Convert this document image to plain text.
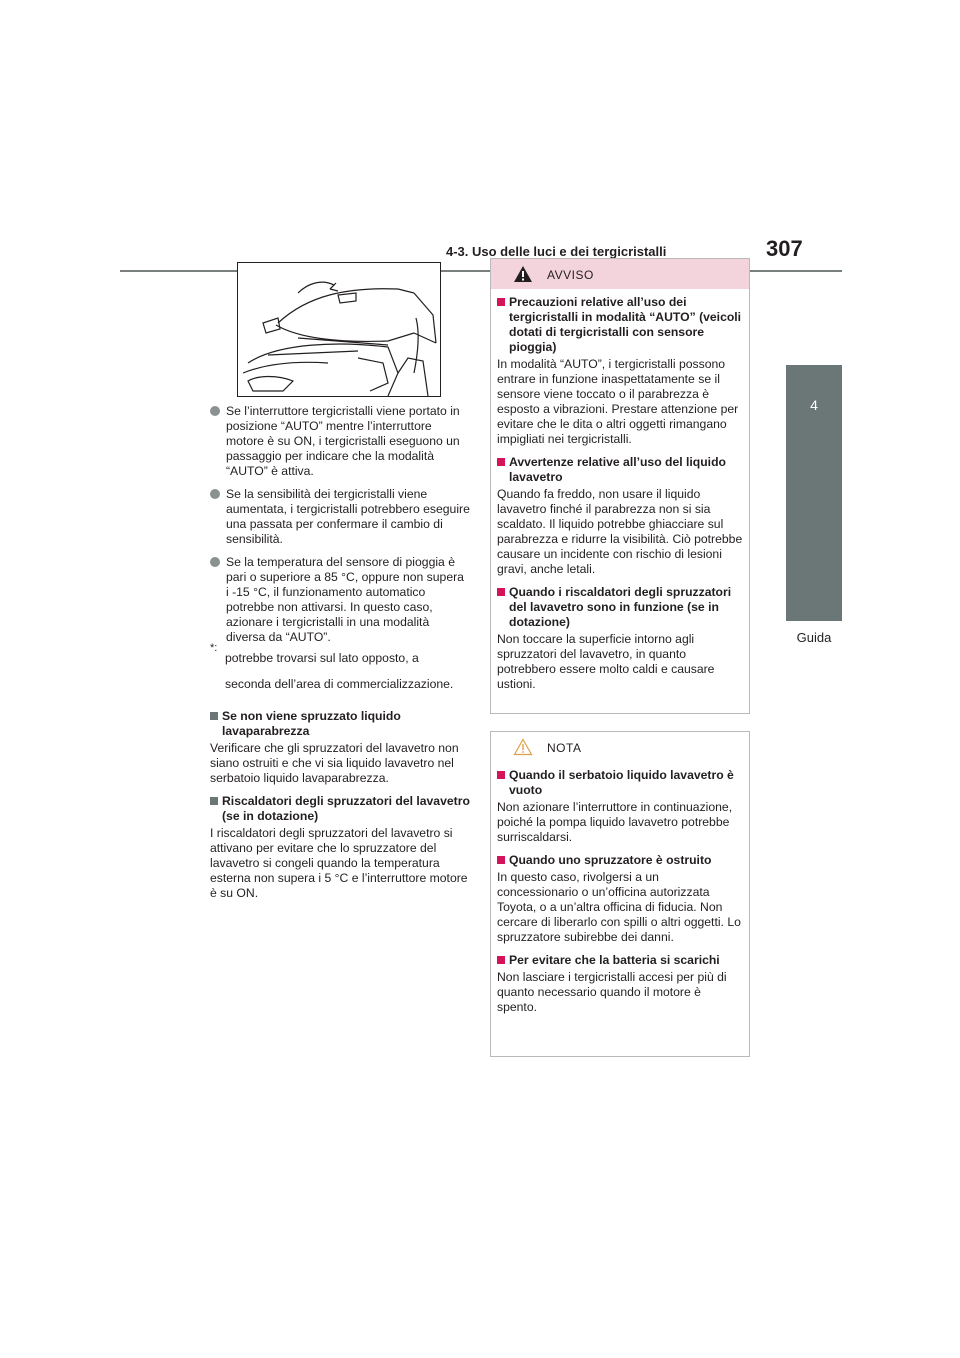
4-3. Uso delle luci e dei tergicristalli	307
4
Guida
Se l’interruttore tergicristalli viene portato in posizione “AUTO” mentre l’interruttore motore è su ON, i tergicristalli eseguono un passaggio per indicare che la modalità “AUTO” è attiva.
Se la sensibilità dei tergicristalli viene aumentata, i tergicristalli potrebbero eseguire una passata per confermare il cambio di sensibilità.
Se la temperatura del sensore di pioggia è pari o superiore a 85 °C, oppure non supera i -15 °C, il funzionamento automatico potrebbe non attivarsi. In questo caso, azionare i tergicristalli in una modalità diversa da “AUTO”.
*:

potrebbe trovarsi sul lato opposto, a

seconda dell’area di commercializzazione.

Se non viene spruzzato liquido lavaparabrezza
Verificare che gli spruzzatori del lavavetro non siano ostruiti e che vi sia liquido lavavetro nel serbatoio liquido lavaparabrezza.
Riscaldatori degli spruzzatori del lavavetro (se in dotazione)
I riscaldatori degli spruzzatori del lavavetro si attivano per evitare che lo spruzzatore del lavavetro si congeli quando la temperatura esterna non supera i 5 °C e l’interruttore motore è su ON.
AVVISO
Precauzioni relative all’uso dei tergicristalli in modalità “AUTO” (veicoli dotati di tergicristalli con sensore pioggia)
In modalità “AUTO”, i tergicristalli possono entrare in funzione inaspettatamente se il sensore viene toccato o il parabrezza è esposto a vibrazioni. Prestare attenzione per evitare che le dita o altri oggetti rimangano impigliati nei tergicristalli.
Avvertenze relative all’uso del liquido lavavetro
Quando fa freddo, non usare il liquido lavavetro finché il parabrezza non si sia scaldato. Il liquido potrebbe ghiacciare sul parabrezza e ridurre la visibilità. Ciò potrebbe causare un incidente con rischio di lesioni gravi, anche letali.
Quando i riscaldatori degli spruzzatori del lavavetro sono in funzione (se in dotazione)
Non toccare la superficie intorno agli spruzzatori del lavavetro, in quanto potrebbero essere molto caldi e causare ustioni.
NOTA
Quando il serbatoio liquido lavavetro è vuoto
Non azionare l’interruttore in continuazione, poiché la pompa liquido lavavetro potrebbe surriscaldarsi.
Quando uno spruzzatore è ostruito
In questo caso, rivolgersi a un concessionario o un’officina autorizzata Toyota, o a un’altra officina di fiducia. Non cercare di liberarlo con spilli o altri oggetti. Lo spruzzatore subirebbe dei danni.
Per evitare che la batteria si scarichi
Non lasciare i tergicristalli accesi per più di quanto necessario quando il motore è spento.
